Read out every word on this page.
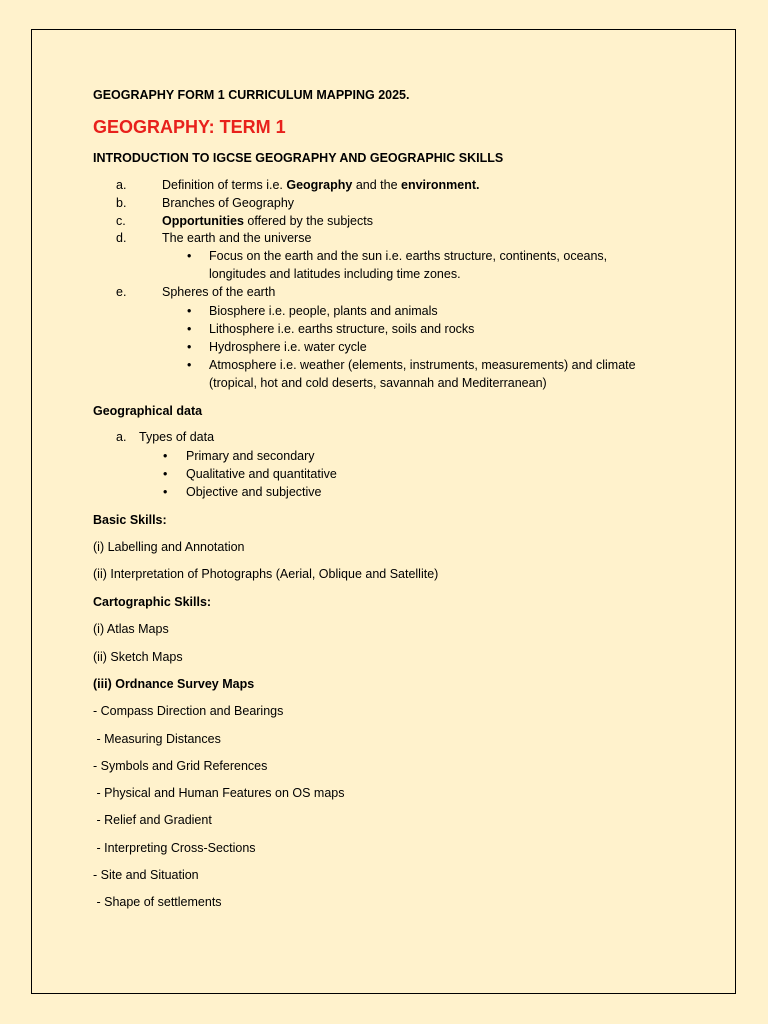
GEOGRAPHY FORM 1 CURRICULUM MAPPING 2025.
GEOGRAPHY: TERM 1
INTRODUCTION TO IGCSE GEOGRAPHY AND GEOGRAPHIC SKILLS
a.	Definition of terms i.e. Geography and the environment.
b.	Branches of Geography
c.	Opportunities offered by the subjects
d.	The earth and the universe
• Focus on the earth and the sun i.e. earths structure, continents, oceans,
longitudes and latitudes including time zones.
e.	Spheres of the earth
• Biosphere i.e. people, plants and animals
• Lithosphere i.e. earths structure, soils and rocks
• Hydrosphere i.e. water cycle
• Atmosphere i.e. weather (elements, instruments, measurements) and climate
(tropical, hot and cold deserts, savannah and Mediterranean)
Geographical data
a. Types of data
• Primary and secondary
• Qualitative and quantitative
• Objective and subjective
Basic Skills:
(i) Labelling and Annotation
(ii) Interpretation of Photographs (Aerial, Oblique and Satellite)
Cartographic Skills:
(i) Atlas Maps
(ii) Sketch Maps
(iii) Ordnance Survey Maps
- Compass Direction and Bearings
- Measuring Distances
- Symbols and Grid References
- Physical and Human Features on OS maps
- Relief and Gradient
- Interpreting Cross-Sections
- Site and Situation
- Shape of settlements
